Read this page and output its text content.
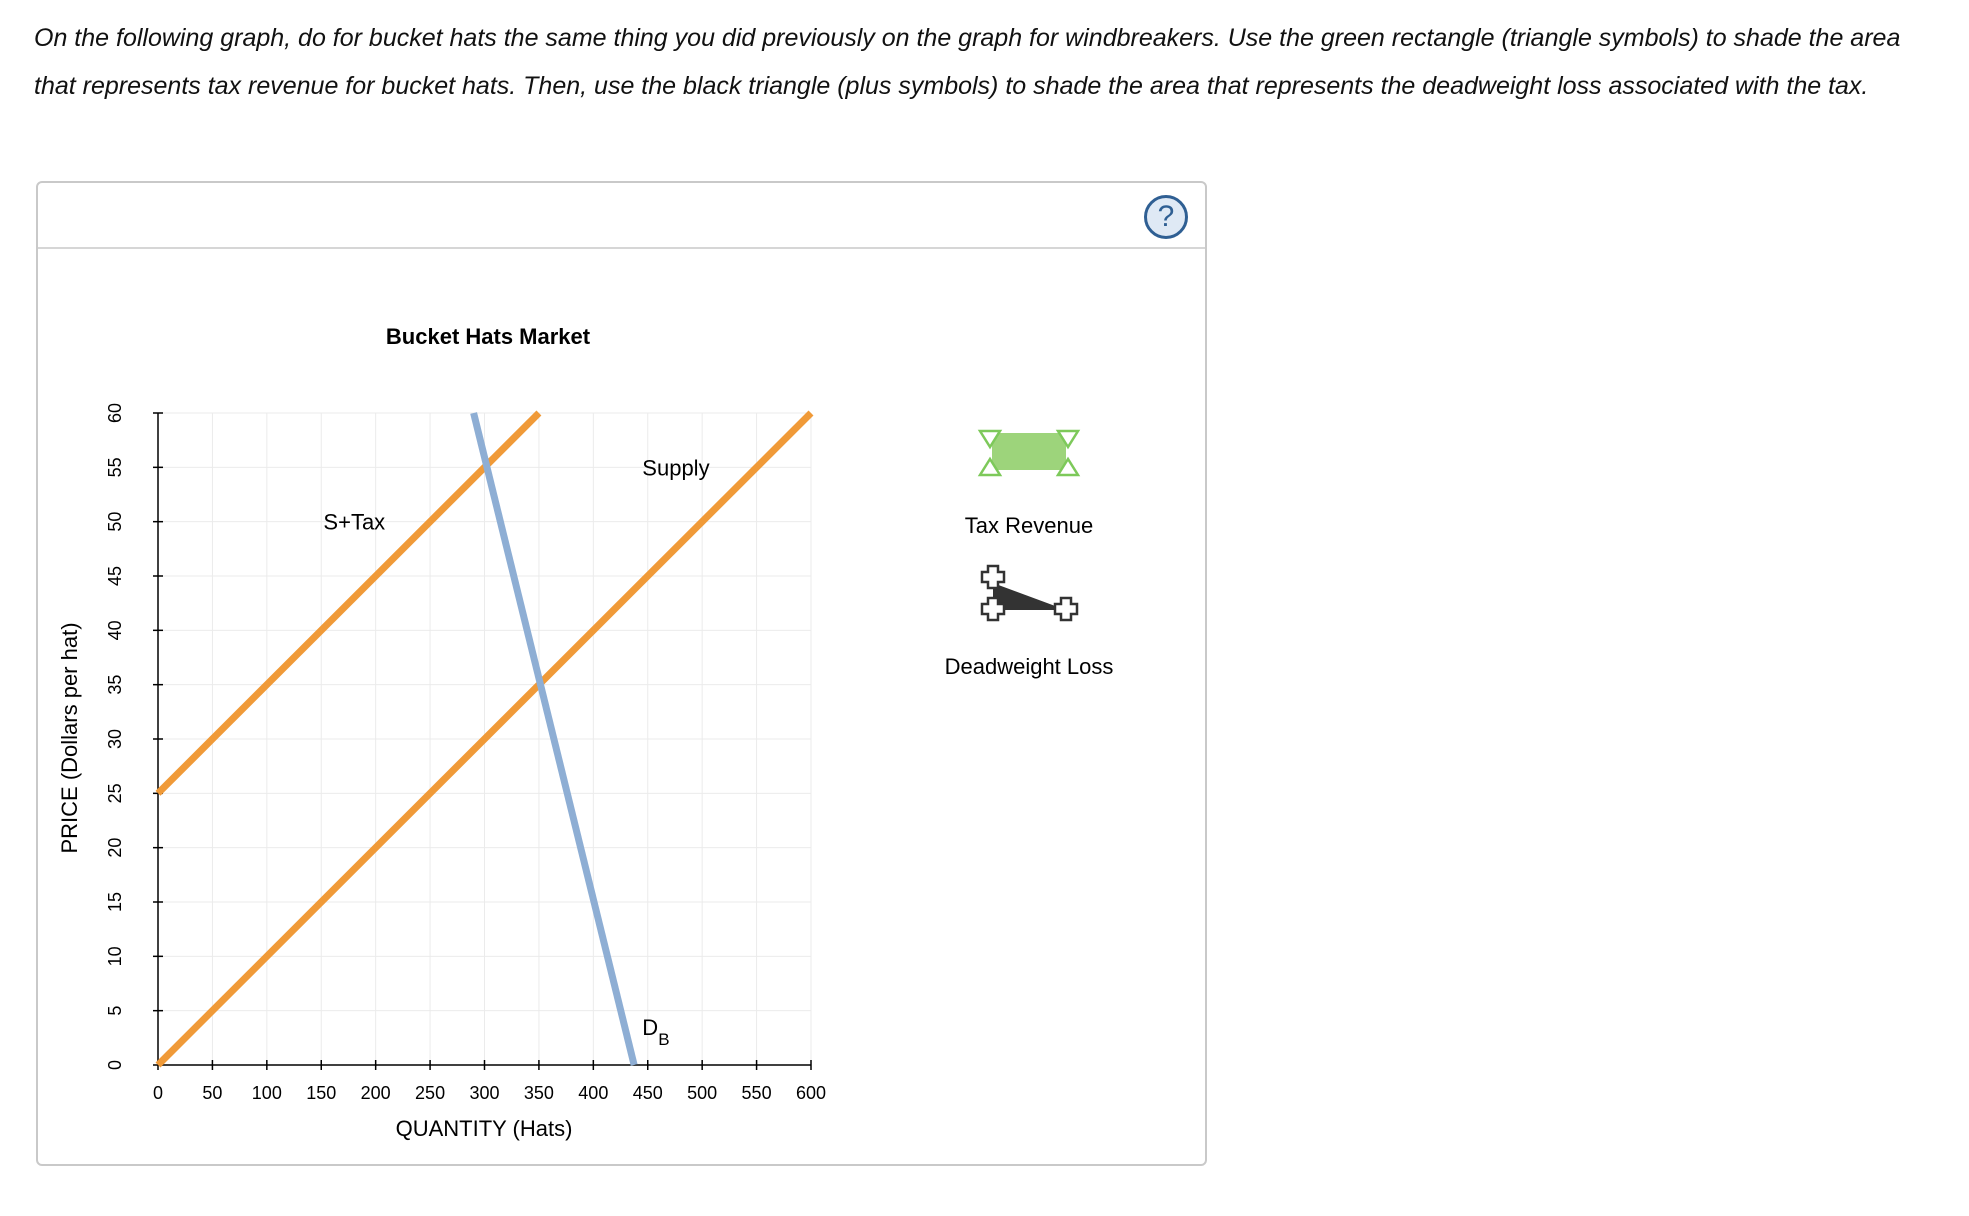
On the following graph, do for bucket hats the same thing you did previously on the graph for windbreakers. Use the green rectangle (triangle symbols) to shade the area that represents tax revenue for bucket hats. Then, use the black triangle (plus symbols) to shade the area that represents the deadweight loss associated with the tax.
?
Bucket Hats Market
0 50 100 150 200 250 300 350 400 450 500 550 600
0
5
10
15
20
25
30
35
40
45
50
55
60
Supply
S+Tax
$D_B$
QUANTITY (Hats)
PRICE (Dollars per hat)
Tax Revenue
Deadweight Loss
